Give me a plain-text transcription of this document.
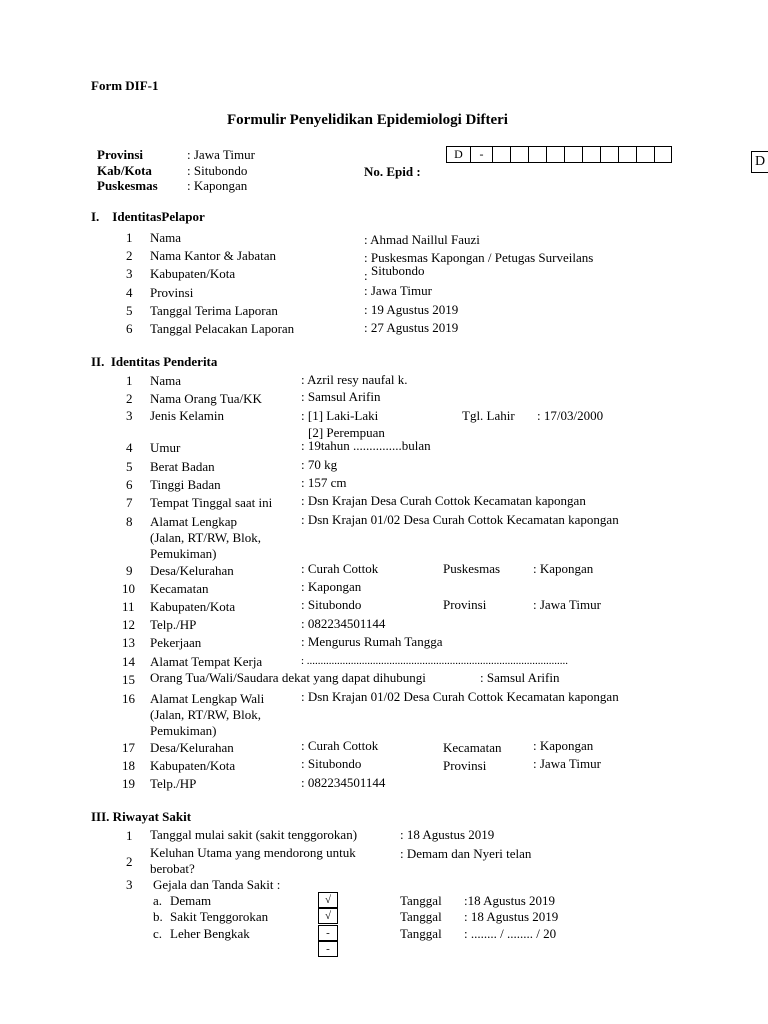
Form DIF-1
Formulir Penyelidikan Epidemiologi Difteri
Provinsi	: Jawa Timur
Kab/Kota	: Situbondo
Puskesmas : Kapongan
No. Epid :
D	-	D
I.    IdentitasPelapor
1 Nama	: Ahmad Naillul Fauzi
2 Nama Kantor & Jabatan	: Puskesmas Kapongan / Petugas Surveilans
3 Kabupaten/Kota	Situbondo
:
4 Provinsi	: Jawa Timur
5 Tanggal Terima Laporan	: 19 Agustus 2019
6 Tanggal Pelacakan Laporan	: 27 Agustus 2019
II.  Identitas Penderita
1 Nama	: Azril resy naufal k.
2 Nama Orang Tua/KK	: Samsul Arifin
3 Jenis Kelamin	: [1] Laki-Laki
[2] Perempuan
Tgl. Lahir : 17/03/2000
4 Umur	: 19tahun ...............bulan
5 Berat Badan	: 70 kg
6 Tinggi Badan	: 157 cm
7 Tempat Tinggal saat ini : Dsn Krajan Desa Curah Cottok Kecamatan kapongan
8 Alamat Lengkap
(Jalan, RT/RW, Blok,
Pemukiman)
: Dsn Krajan 01/02 Desa Curah Cottok Kecamatan kapongan
9 Desa/Kelurahan	: Curah Cottok	Puskesmas	: Kapongan
10 Kecamatan	: Kapongan
11 Kabupaten/Kota	: Situbondo	Provinsi	: Jawa Timur
12 Telp./HP	: 082234501144
13 Pekerjaan	: Mengurus Rumah Tangga
14 Alamat Tempat Kerja	: ............................................................................................... 
15 Orang Tua/Wali/Saudara dekat yang dapat dihubungi	: Samsul Arifin
16 Alamat Lengkap Wali
(Jalan, RT/RW, Blok,
Pemukiman)
: Dsn Krajan 01/02 Desa Curah Cottok Kecamatan kapongan
17 Desa/Kelurahan	: Curah Cottok	Kecamatan : Kapongan
18 Kabupaten/Kota	: Situbondo	Provinsi	: Jawa Timur
19 Telp./HP	: 082234501144
III. Riwayat Sakit
1 Tanggal mulai sakit (sakit tenggorokan)	: 18 Agustus 2019
2
Keluhan Utama yang mendorong untuk
berobat?
: Demam dan Nyeri telan
3 Gejala dan Tanda Sakit :
a. Demam	√	Tanggal :18 Agustus 2019
b. Sakit Tenggorokan	√	Tanggal : 18 Agustus 2019
c. Leher Bengkak	-	Tanggal : ........ / ........ / 20
-
